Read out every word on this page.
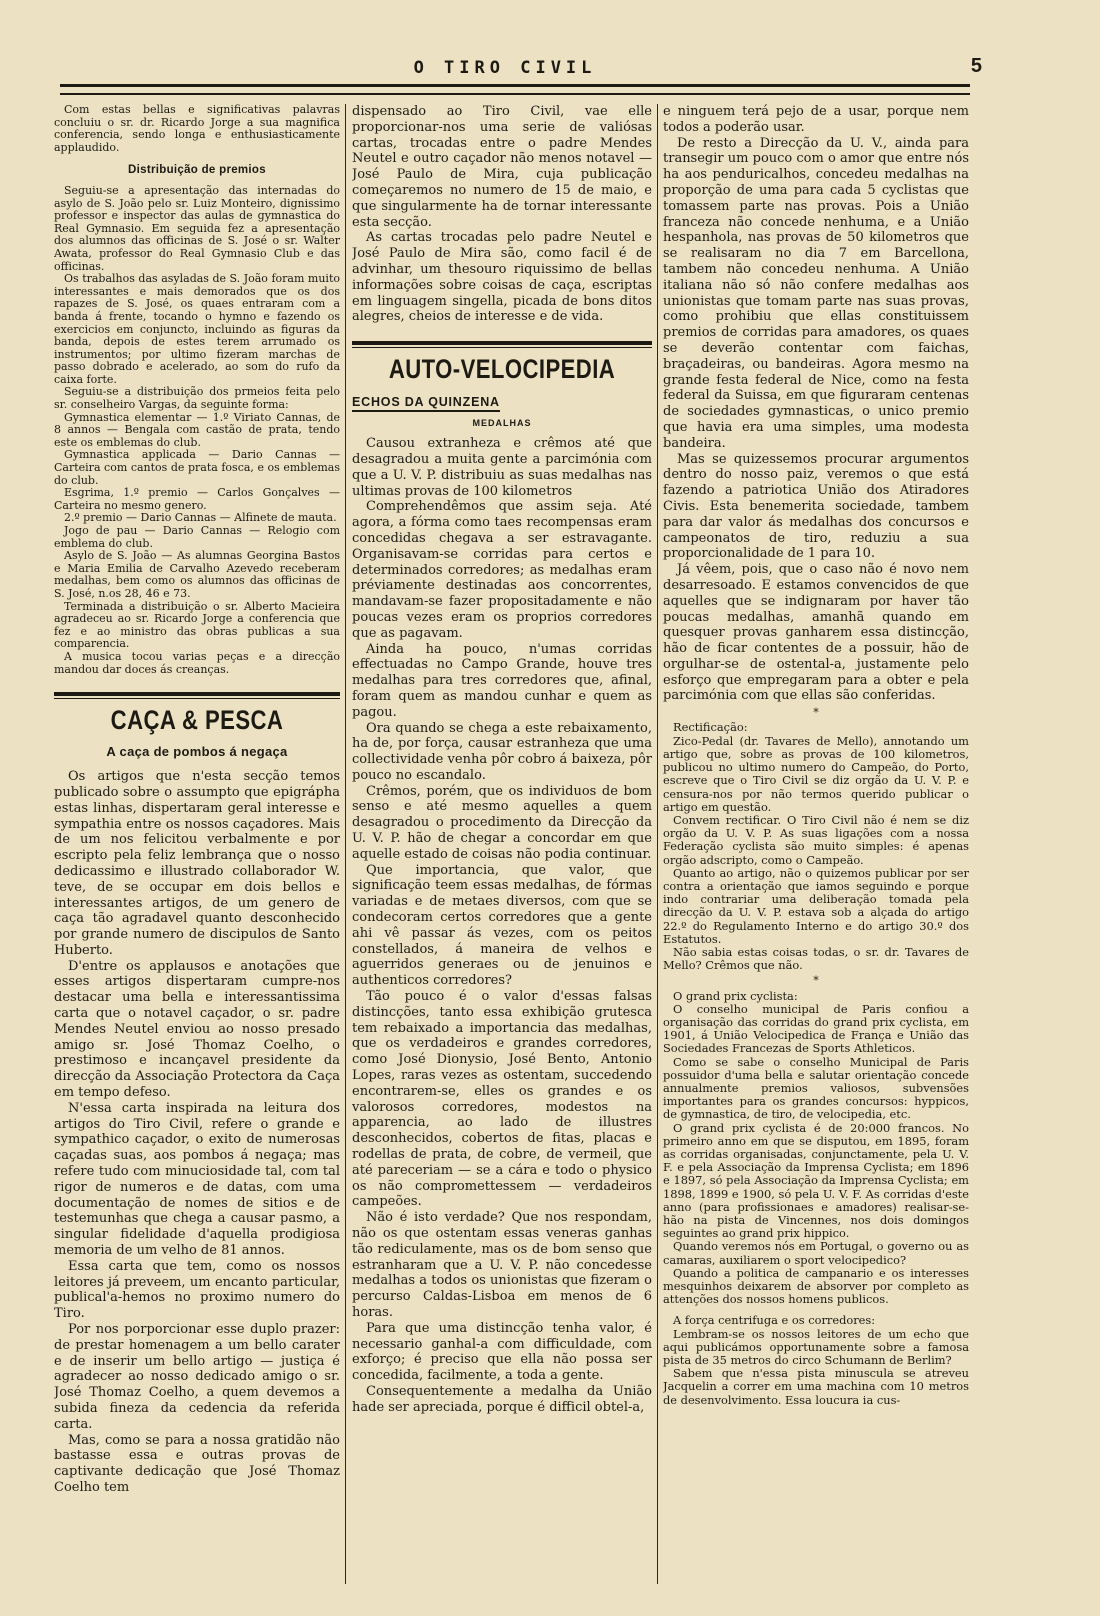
O TIRO CIVIL	5

Com estas bellas e significativas palavras concluiu o sr. dr. Ricardo Jorge a sua magnifica conferencia, sendo longa e enthusiasticamente applaudido.

Distribuição de premios

Seguiu-se a apresentação das internadas do asylo de S. João pelo sr. Luiz Monteiro, dignissimo professor e inspector das aulas de gymnastica do Real Gymnasio. Em seguida fez a apresentação dos alumnos das officinas de S. José o sr. Walter Awata, professor do Real Gymnasio Club e das officinas.

Os trabalhos das asyladas de S. João foram muito interessantes e mais demorados que os dos rapazes de S. José, os quaes entraram com a banda á frente, tocando o hymno e fazendo os exercicios em conjuncto, incluindo as figuras da banda, depois de estes terem arrumado os instrumentos; por ultimo fizeram marchas de passo dobrado e acelerado, ao som do rufo da caixa forte.

Seguiu-se a distribuição dos prmeios feita pelo sr. conselheiro Vargas, da seguinte forma:

Gymnastica elementar — 1.º Viriato Cannas, de 8 annos — Bengala com castão de prata, tendo este os emblemas do club.

Gymnastica applicada — Dario Cannas — Carteira com cantos de prata fosca, e os emblemas do club.

Esgrima, 1.º premio — Carlos Gonçalves — Carteira no mesmo genero.

2.º premio — Dario Cannas — Alfinete de mauta.

Jogo de pau — Dario Cannas — Relogio com emblema do club.

Asylo de S. João — As alumnas Georgina Bastos e Maria Emilia de Carvalho Azevedo receberam medalhas, bem como os alumnos das officinas de S. José, n.os 28, 46 e 73.

Terminada a distribuição o sr. Alberto Macieira agradeceu ao sr. Ricardo Jorge a conferencia que fez e ao ministro das obras publicas a sua comparencia.

A musica tocou varias peças e a direcção mandou dar doces ás creanças.

CAÇA & PESCA
A caça de pombos á negaça

Os artigos que n'esta secção temos publicado sobre o assumpto que epigrápha estas linhas, dispertaram geral interesse e sympathia entre os nossos caçadores. Mais de um nos felicitou verbalmente e por escripto pela feliz lembrança que o nosso dedicassimo e illustrado collaborador W. teve, de se occupar em dois bellos e interessantes artigos, de um genero de caça tão agradavel quanto desconhecido por grande numero de discipulos de Santo Huberto.

D'entre os applausos e anotações que esses artigos dispertaram cumpre-nos destacar uma bella e interessantissima carta que o notavel caçador, o sr. padre Mendes Neutel enviou ao nosso presado amigo sr. José Thomaz Coelho, o prestimoso e incançavel presidente da direcção da Associação Protectora da Caça em tempo defeso.

N'essa carta inspirada na leitura dos artigos do Tiro Civil, refere o grande e sympathico caçador, o exito de numerosas caçadas suas, aos pombos á negaça; mas refere tudo com minuciosidade tal, com tal rigor de numeros e de datas, com uma documentação de nomes de sitios e de testemunhas que chega a causar pasmo, a singular fidelidade d'aquella prodigiosa memoria de um velho de 81 annos.

Essa carta que tem, como os nossos leitores já preveem, um encanto particular, publical'a-hemos no proximo numero do Tiro.

Por nos porporcionar esse duplo prazer: de prestar homenagem a um bello carater e de inserir um bello artigo — justiça é agradecer ao nosso dedicado amigo o sr. José Thomaz Coelho, a quem devemos a subida fineza da cedencia da referida carta.

Mas, como se para a nossa gratidão não bastasse essa e outras provas de captivante dedicação que José Thomaz Coelho tem

dispensado ao Tiro Civil, vae elle proporcionar-nos uma serie de valiósas cartas, trocadas entre o padre Mendes Neutel e outro caçador não menos notavel — José Paulo de Mira, cuja publicação começaremos no numero de 15 de maio, e que singularmente ha de tornar interessante esta secção.

As cartas trocadas pelo padre Neutel e José Paulo de Mira são, como facil é de advinhar, um thesouro riquissimo de bellas informações sobre coisas de caça, escriptas em linguagem singella, picada de bons ditos alegres, cheios de interesse e de vida.

AUTO-VELOCIPEDIA
ECHOS DA QUINZENA
MEDALHAS

Causou extranheza e crêmos até que desagradou a muita gente a parcimónia com que a U. V. P. distribuiu as suas medalhas nas ultimas provas de 100 kilometros

Comprehendêmos que assim seja. Até agora, a fórma como taes recompensas eram concedidas chegava a ser estravagante. Organisavam-se corridas para certos e determinados corredores; as medalhas eram préviamente destinadas aos concorrentes, mandavam-se fazer propositadamente e não poucas vezes eram os proprios corredores que as pagavam.

Ainda ha pouco, n'umas corridas effectuadas no Campo Grande, houve tres medalhas para tres corredores que, afinal, foram quem as mandou cunhar e quem as pagou.

Ora quando se chega a este rebaixamento, ha de, por força, causar estranheza que uma collectividade venha pôr cobro á baixeza, pôr pouco no escandalo.

Crêmos, porém, que os individuos de bom senso e até mesmo aquelles a quem desagradou o procedimento da Direcção da U. V. P. hão de chegar a concordar em que aquelle estado de coisas não podia continuar.

Que importancia, que valor, que significação teem essas medalhas, de fórmas variadas e de metaes diversos, com que se condecoram certos corredores que a gente ahi vê passar ás vezes, com os peitos constellados, á maneira de velhos e aguerridos generaes ou de jenuinos e authenticos corredores?

Tão pouco é o valor d'essas falsas distincções, tanto essa exhibição grutesca tem rebaixado a importancia das medalhas, que os verdadeiros e grandes corredores, como José Dionysio, José Bento, Antonio Lopes, raras vezes as ostentam, succedendo encontrarem-se, elles os grandes e os valorosos corredores, modestos na apparencia, ao lado de illustres desconhecidos, cobertos de fitas, placas e rodellas de prata, de cobre, de vermeil, que até pareceriam — se a cára e todo o physico os não compromettessem — verdadeiros campeões.

Não é isto verdade? Que nos respondam, não os que ostentam essas veneras ganhas tão rediculamente, mas os de bom senso que estranharam que a U. V. P. não concedesse medalhas a todos os unionistas que fizeram o percurso Caldas-Lisboa em menos de 6 horas.

Para que uma distincção tenha valor, é necessario ganhal-a com difficuldade, com exforço; é preciso que ella não possa ser concedida, facilmente, a toda a gente.

Consequentemente a medalha da União hade ser apreciada, porque é difficil obtel-a,

e ninguem terá pejo de a usar, porque nem todos a poderão usar.

De resto a Direcção da U. V., ainda para transegir um pouco com o amor que entre nós ha aos penduricalhos, concedeu medalhas na proporção de uma para cada 5 cyclistas que tomassem parte nas provas. Pois a União franceza não concede nenhuma, e a União hespanhola, nas provas de 50 kilometros que se realisaram no dia 7 em Barcellona, tambem não concedeu nenhuma. A União italiana não só não confere medalhas aos unionistas que tomam parte nas suas provas, como prohibiu que ellas constituissem premios de corridas para amadores, os quaes se deverão contentar com faichas, braçadeiras, ou bandeiras. Agora mesmo na grande festa federal de Nice, como na festa federal da Suissa, em que figuraram centenas de sociedades gymnasticas, o unico premio que havia era uma simples, uma modesta bandeira.

Mas se quizessemos procurar argumentos dentro do nosso paiz, veremos o que está fazendo a patriotica União dos Atiradores Civis. Esta benemerita sociedade, tambem para dar valor ás medalhas dos concursos e campeonatos de tiro, reduziu a sua proporcionalidade de 1 para 10.

Já vêem, pois, que o caso não é novo nem desarresoado. E estamos convencidos de que aquelles que se indignaram por haver tão poucas medalhas, amanhã quando em quesquer provas ganharem essa distincção, hão de ficar contentes de a possuir, hão de orgulhar-se de ostental-a, justamente pelo esforço que empregaram para a obter e pela parcimónia com que ellas são conferidas.

*

Rectificação:

Zico-Pedal (dr. Tavares de Mello), annotando um artigo que, sobre as provas de 100 kilometros, publicou no ultimo numero do Campeão, do Porto, escreve que o Tiro Civil se diz orgão da U. V. P. e censura-nos por não termos querido publicar o artigo em questão.

Convem rectificar. O Tiro Civil não é nem se diz orgão da U. V. P. As suas ligações com a nossa Federação cyclista são muito simples: é apenas orgão adscripto, como o Campeão.

Quanto ao artigo, não o quizemos publicar por ser contra a orientação que iamos seguindo e porque indo contrariar uma deliberação tomada pela direcção da U. V. P. estava sob a alçada do artigo 22.º do Regulamento Interno e do artigo 30.º dos Estatutos.

Não sabia estas coisas todas, o sr. dr. Tavares de Mello? Crêmos que não.

*

O grand prix cyclista:

O conselho municipal de Paris confiou a organisação das corridas do grand prix cyclista, em 1901, á União Velocipedica de França e União das Sociedades Francezas de Sports Athleticos.

Como se sabe o conselho Municipal de Paris possuidor d'uma bella e salutar orientação concede annualmente premios valiosos, subvensões importantes para os grandes concursos: hyppicos, de gymnastica, de tiro, de velocipedia, etc.

O grand prix cyclista é de 20:000 francos. No primeiro anno em que se disputou, em 1895, foram as corridas organisadas, conjunctamente, pela U. V. F. e pela Associação da Imprensa Cyclista; em 1896 e 1897, só pela Associação da Imprensa Cyclista; em 1898, 1899 e 1900, só pela U. V. F. As corridas d'este anno (para profissionaes e amadores) realisar-se-hão na pista de Vincennes, nos dois domingos seguintes ao grand prix hippico.

Quando veremos nós em Portugal, o governo ou as camaras, auxiliarem o sport velocipedico?

Quando a politica de campanario e os interesses mesquinhos deixarem de absorver por completo as attenções dos nossos homens publicos.

A força centrifuga e os corredores:

Lembram-se os nossos leitores de um echo que aqui publicámos opportunamente sobre a famosa pista de 35 metros do circo Schumann de Berlim?

Sabem que n'essa pista minuscula se atreveu Jacquelin a correr em uma machina com 10 metros de desenvolvimento. Essa loucura ia cus-
